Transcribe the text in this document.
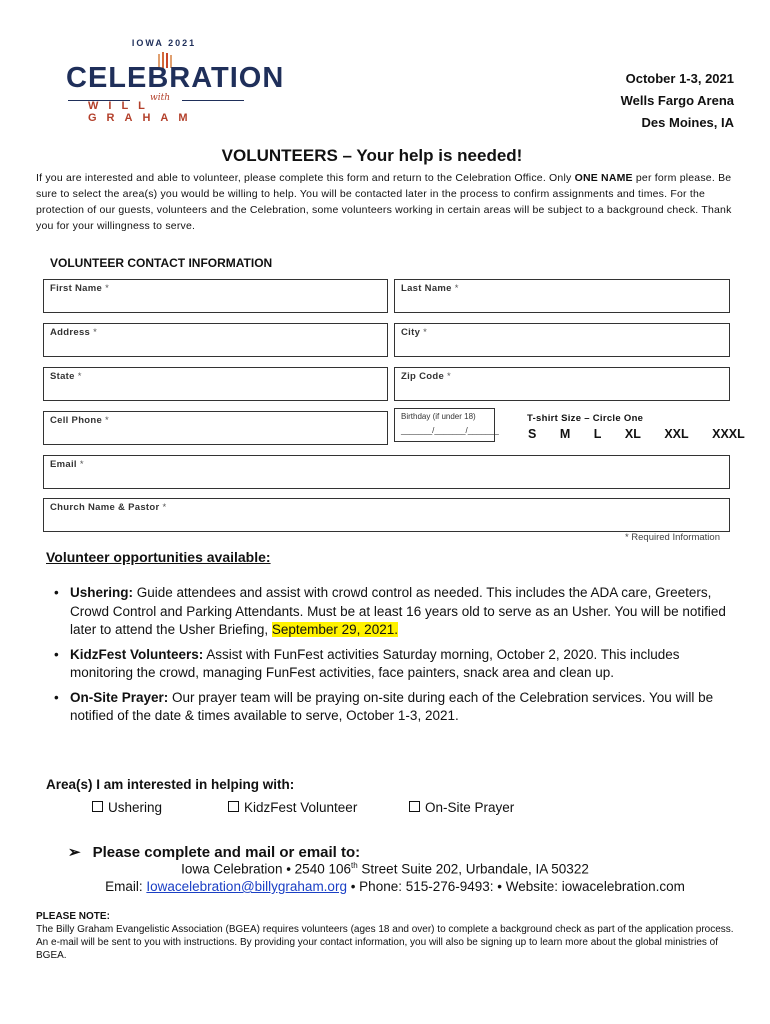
IOWA 2021
CELEBRATION
with
WILL GRAHAM
October 1-3, 2021
Wells Fargo Arena
Des Moines, IA
VOLUNTEERS – Your help is needed!
If you are interested and able to volunteer, please complete this form and return to the Celebration Office. Only ONE NAME per form please. Be sure to select the area(s) you would be willing to help. You will be contacted later in the process to confirm assignments and times. For the protection of our guests, volunteers and the Celebration, some volunteers working in certain areas will be subject to a background check. Thank you for your willingness to serve.
VOLUNTEER CONTACT INFORMATION
First Name *	Last Name *
Address *	City *
State *	Zip Code *
Cell Phone *	Birthday (if under 18)
_______/_______/_______
T-shirt Size – Circle One
S M L XL XXL XXXL
Email *
Church Name & Pastor *
* Required Information
Volunteer opportunities available:
• Ushering: Guide attendees and assist with crowd control as needed. This includes the ADA care, Greeters, Crowd Control and Parking Attendants. Must be at least 16 years old to serve as an Usher. You will be notified later to attend the Usher Briefing, September 29, 2021.
• KidzFest Volunteers: Assist with FunFest activities Saturday morning, October 2, 2020. This includes monitoring the crowd, managing FunFest activities, face painters, snack area and clean up.
• On-Site Prayer: Our prayer team will be praying on-site during each of the Celebration services. You will be notified of the date & times available to serve, October 1-3, 2021.
Area(s) I am interested in helping with:
Ushering	KidzFest Volunteer	On-Site Prayer
➢ Please complete and mail or email to:
Iowa Celebration • 2540 106th Street Suite 202, Urbandale, IA 50322
Email: Iowacelebration@billygraham.org • Phone: 515-276-9493: • Website: iowacelebration.com
PLEASE NOTE:
The Billy Graham Evangelistic Association (BGEA) requires volunteers (ages 18 and over) to complete a background check as part of the application process. An e-mail will be sent to you with instructions. By providing your contact information, you will also be signing up to learn more about the global ministries of BGEA.
